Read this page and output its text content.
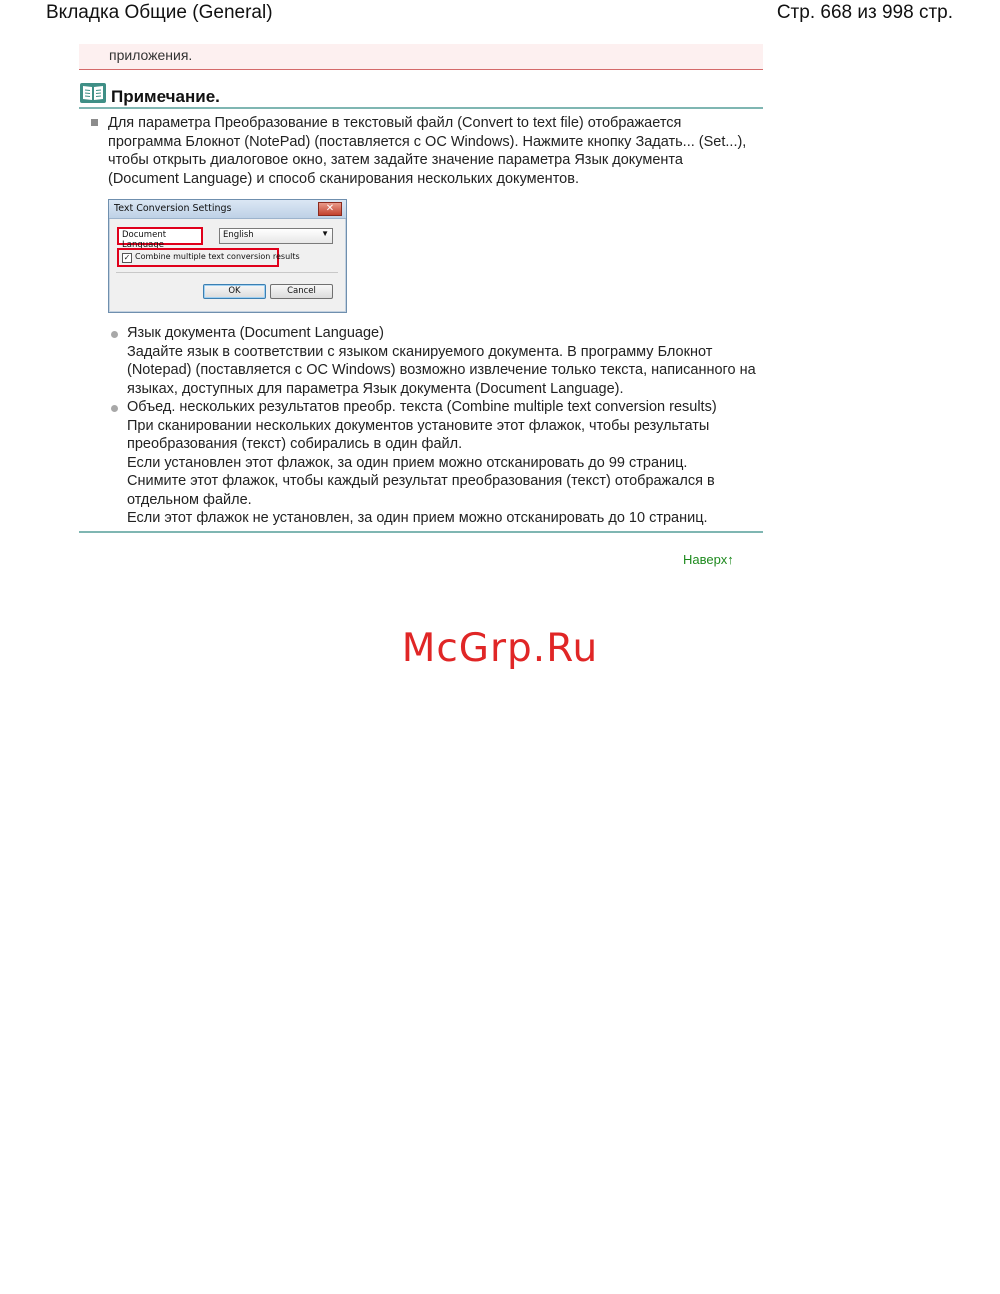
Вкладка Общие (General)	Стр. 668 из 998 стр.
приложения.
Примечание.
Для параметра Преобразование в текстовый файл (Convert to text file) отображается программа Блокнот (NotePad) (поставляется с ОС Windows). Нажмите кнопку Задать... (Set...), чтобы открыть диалоговое окно, затем задайте значение параметра Язык документа (Document Language) и способ сканирования нескольких документов.
Text Conversion Settings	✕
Document Language
English	▼
✓ Combine multiple text conversion results
OK	Cancel
Язык документа (Document Language)
Задайте язык в соответствии с языком сканируемого документа. В программу Блокнот (Notepad) (поставляется с ОС Windows) возможно извлечение только текста, написанного на языках, доступных для параметра Язык документа (Document Language).
Объед. нескольких результатов преобр. текста (Combine multiple text conversion results)
При сканировании нескольких документов установите этот флажок, чтобы результаты преобразования (текст) собирались в один файл.
Если установлен этот флажок, за один прием можно отсканировать до 99 страниц.
Снимите этот флажок, чтобы каждый результат преобразования (текст) отображался в отдельном файле.
Если этот флажок не установлен, за один прием можно отсканировать до 10 страниц.
Наверх↑
McGrp.Ru
